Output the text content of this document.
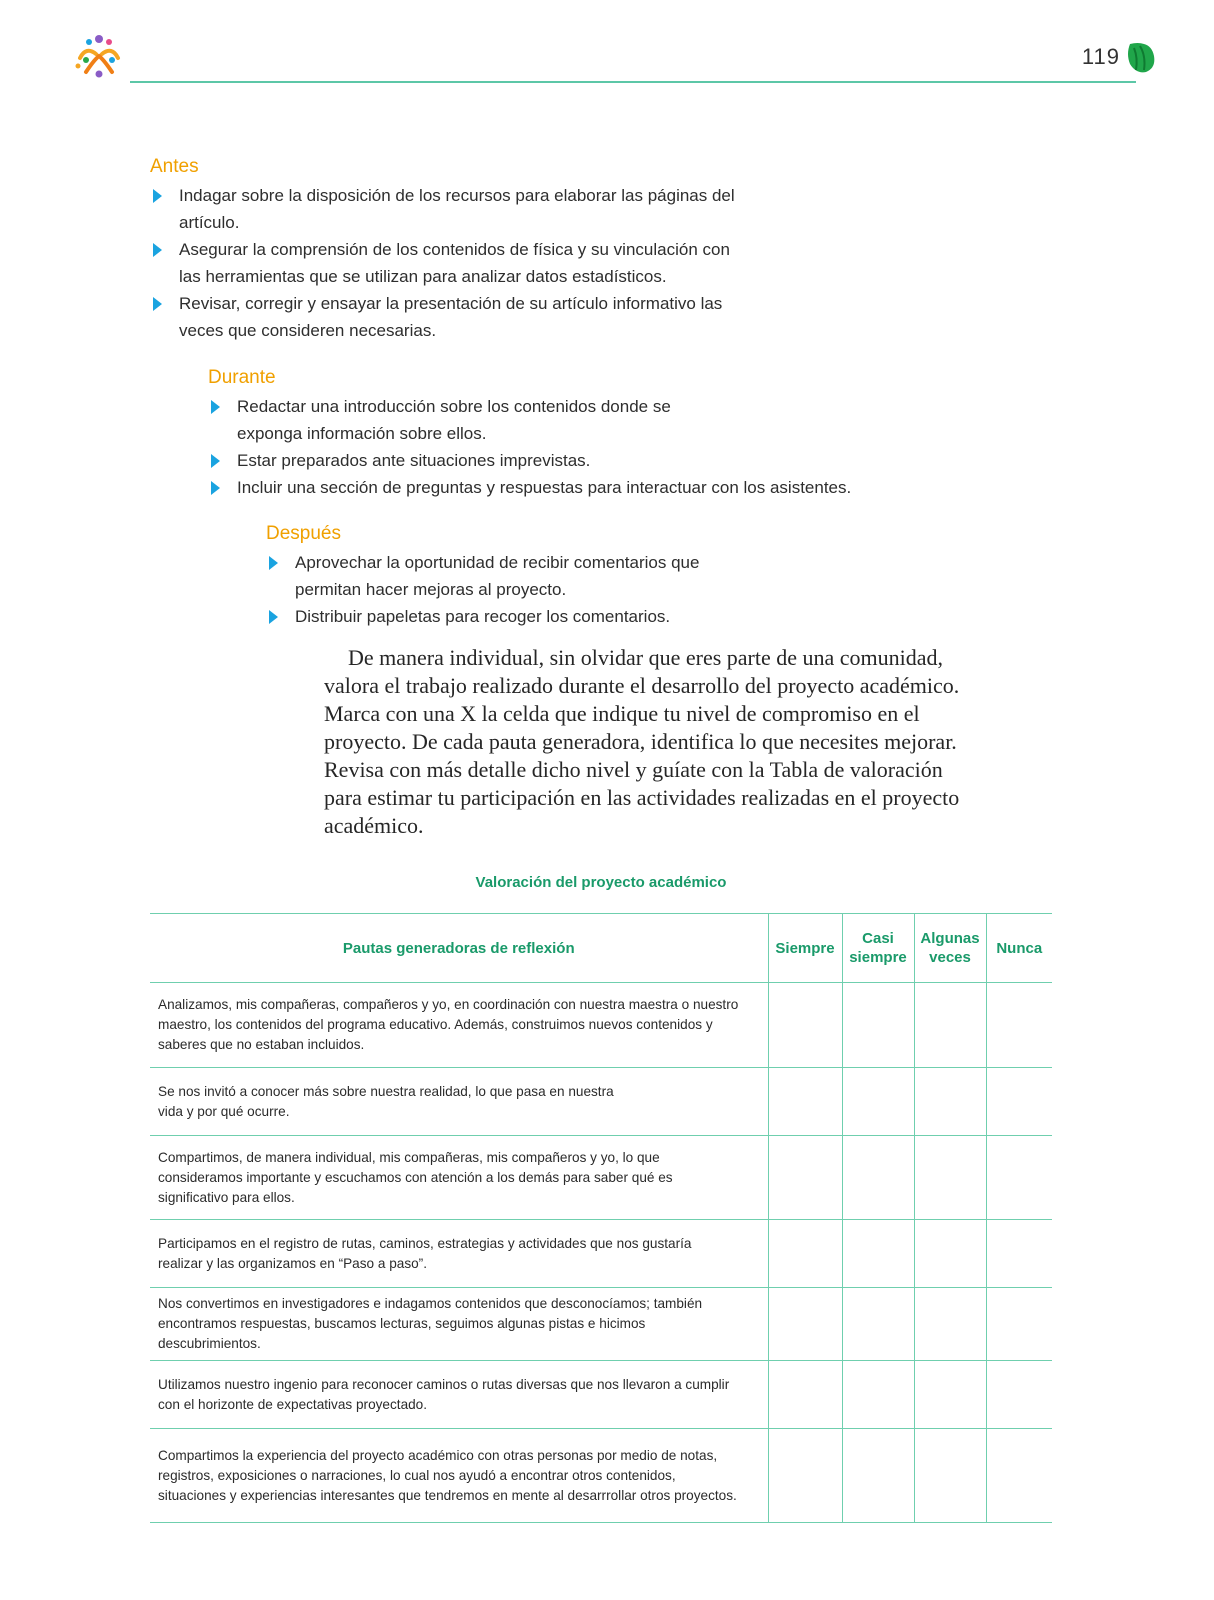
119
Antes
Indagar sobre la disposición de los recursos para elaborar las páginas del artículo.
Asegurar la comprensión de los contenidos de física y su vinculación con las herramientas que se utilizan para analizar datos estadísticos.
Revisar, corregir y ensayar la presentación de su artículo informativo las veces que consideren necesarias.
Durante
Redactar una introducción sobre los contenidos donde se exponga información sobre ellos.
Estar preparados ante situaciones imprevistas.
Incluir una sección de preguntas y respuestas para interactuar con los asistentes.
Después
Aprovechar la oportunidad de recibir comentarios que permitan hacer mejoras al proyecto.
Distribuir papeletas para recoger los comentarios.

De manera individual, sin olvidar que eres parte de una comunidad, valora el trabajo realizado durante el desarrollo del proyecto académico. Marca con una X la celda que indique tu nivel de compromiso en el proyecto. De cada pauta generadora, identifica lo que necesites mejorar. Revisa con más detalle dicho nivel y guíate con la Tabla de valoración para estimar tu participación en las actividades realizadas en el proyecto académico.

Valoración del proyecto académico
Pautas generadoras de reflexión	Siempre	Casi siempre	Algunas veces	Nunca
Analizamos, mis compañeras, compañeros y yo, en coordinación con nuestra maestra o nuestro maestro, los contenidos del programa educativo. Además, construimos nuevos contenidos y saberes que no estaban incluidos.				
Se nos invitó a conocer más sobre nuestra realidad, lo que pasa en nuestra vida y por qué ocurre.				
Compartimos, de manera individual, mis compañeras, mis compañeros y yo, lo que consideramos importante y escuchamos con atención a los demás para saber qué es significativo para ellos.				
Participamos en el registro de rutas, caminos, estrategias y actividades que nos gustaría realizar y las organizamos en “Paso a paso”.				
Nos convertimos en investigadores e indagamos contenidos que desconocíamos; también encontramos respuestas, buscamos lecturas, seguimos algunas pistas e hicimos descubrimientos.				
Utilizamos nuestro ingenio para reconocer caminos o rutas diversas que nos llevaron a cumplir con el horizonte de expectativas proyectado.				
Compartimos la experiencia del proyecto académico con otras personas por medio de notas, registros, exposiciones o narraciones, lo cual nos ayudó a encontrar otros contenidos, situaciones y experiencias interesantes que tendremos en mente al desarrrollar otros proyectos.				
